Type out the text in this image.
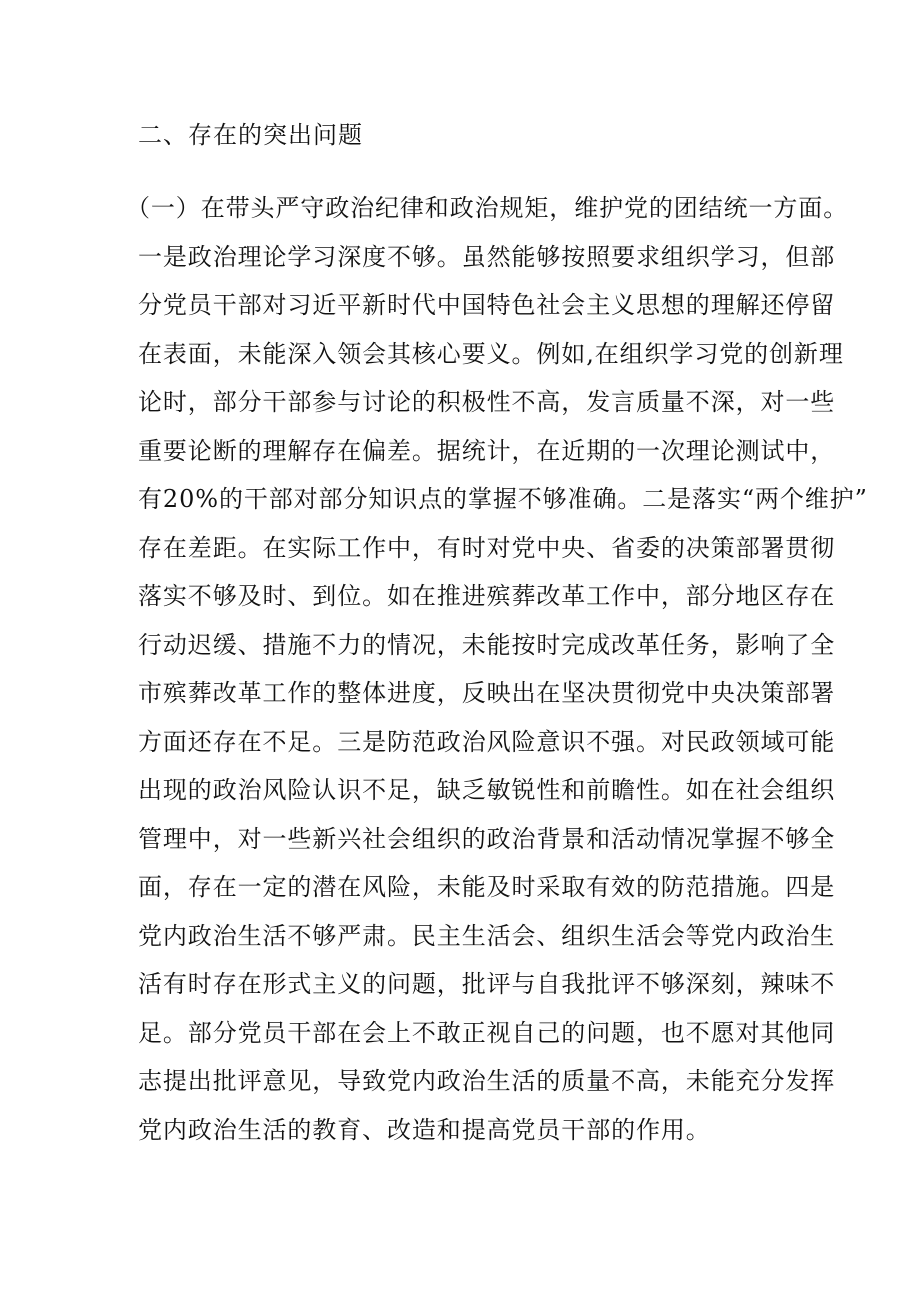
二、存在的突出问题
（一）在带头严守政治纪律和政治规矩，维护党的团结统一方面。
一是政治理论学习深度不够。虽然能够按照要求组织学习，但部
分党员干部对习近平新时代中国特色社会主义思想的理解还停留
在表面，未能深入领会其核心要义。例如,在组织学习党的创新理
论时，部分干部参与讨论的积极性不高，发言质量不深，对一些
重要论断的理解存在偏差。据统计，在近期的一次理论测试中，
有20%的干部对部分知识点的掌握不够准确。二是落实“两个维护”
存在差距。在实际工作中，有时对党中央、省委的决策部署贯彻
落实不够及时、到位。如在推进殡葬改革工作中，部分地区存在
行动迟缓、措施不力的情况，未能按时完成改革任务，影响了全
市殡葬改革工作的整体进度，反映出在坚决贯彻党中央决策部署
方面还存在不足。三是防范政治风险意识不强。对民政领域可能
出现的政治风险认识不足，缺乏敏锐性和前瞻性。如在社会组织
管理中，对一些新兴社会组织的政治背景和活动情况掌握不够全
面，存在一定的潜在风险，未能及时采取有效的防范措施。四是
党内政治生活不够严肃。民主生活会、组织生活会等党内政治生
活有时存在形式主义的问题，批评与自我批评不够深刻，辣味不
足。部分党员干部在会上不敢正视自己的问题，也不愿对其他同
志提出批评意见，导致党内政治生活的质量不高，未能充分发挥
党内政治生活的教育、改造和提高党员干部的作用。
